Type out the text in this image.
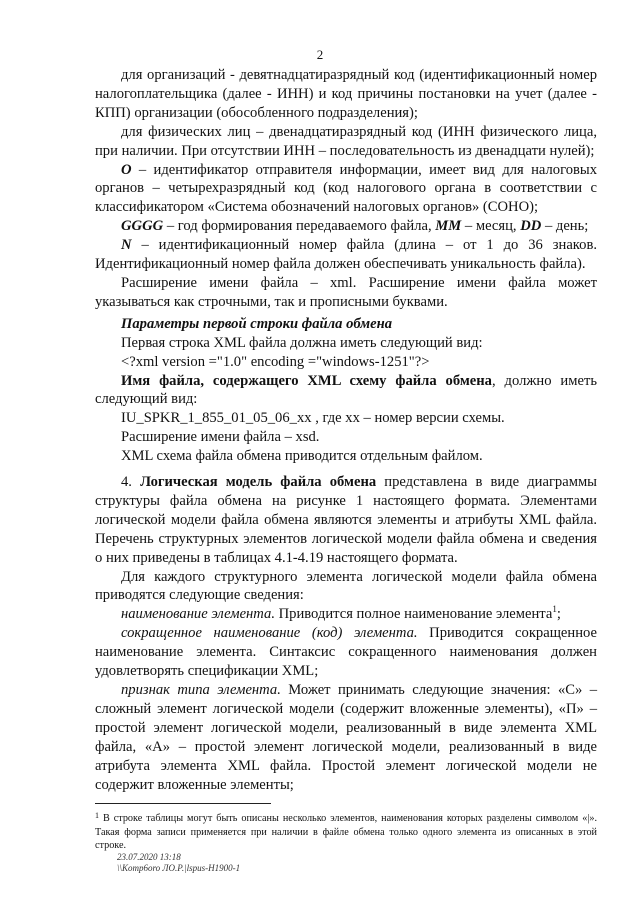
2

для организаций - девятнадцатиразрядный код (идентификационный номер налогоплательщика (далее - ИНН) и код причины постановки на учет (далее - КПП) организации (обособленного подразделения);

для физических лиц – двенадцатиразрядный код (ИНН физического лица, при наличии. При отсутствии ИНН – последовательность из двенадцати нулей);

O – идентификатор отправителя информации, имеет вид для налоговых органов – четырехразрядный код (код налогового органа в соответствии с классификатором «Система обозначений налоговых органов» (СОНО);

GGGG – год формирования передаваемого файла, MM – месяц, DD – день;

N – идентификационный номер файла (длина – от 1 до 36 знаков. Идентификационный номер файла должен обеспечивать уникальность файла).

Расширение имени файла – xml. Расширение имени файла может указываться как строчными, так и прописными буквами.

Параметры первой строки файла обмена

Первая строка XML файла должна иметь следующий вид:

<?xml version ="1.0" encoding ="windows-1251"?>

Имя файла, содержащего XML схему файла обмена, должно иметь следующий вид:

IU_SPKR_1_855_01_05_06_xx , где хх – номер версии схемы.

Расширение имени файла – xsd.

XML схема файла обмена приводится отдельным файлом.

4. Логическая модель файла обмена представлена в виде диаграммы структуры файла обмена на рисунке 1 настоящего формата. Элементами логической модели файла обмена являются элементы и атрибуты XML файла. Перечень структурных элементов логической модели файла обмена и сведения о них приведены в таблицах 4.1-4.19 настоящего формата.

Для каждого структурного элемента логической модели файла обмена приводятся следующие сведения:

наименование элемента. Приводится полное наименование элемента$^1$;

сокращенное наименование (код) элемента. Приводится сокращенное наименование элемента. Синтаксис сокращенного наименования должен удовлетворять спецификации XML;

признак типа элемента. Может принимать следующие значения: «С» – сложный элемент логической модели (содержит вложенные элементы), «П» – простой элемент логической модели, реализованный в виде элемента XML файла, «А» – простой элемент логической модели, реализованный в виде атрибута элемента XML файла. Простой элемент логической модели не содержит вложенные элементы;

$^1$ В строке таблицы могут быть описаны несколько элементов, наименования которых разделены символом «|». Такая форма записи применяется при наличии в файле обмена только одного элемента из описанных в этой строке.
23.07.2020 13:18
\\Komp6oro ЛО.Р.|lspus-Н1900-1
